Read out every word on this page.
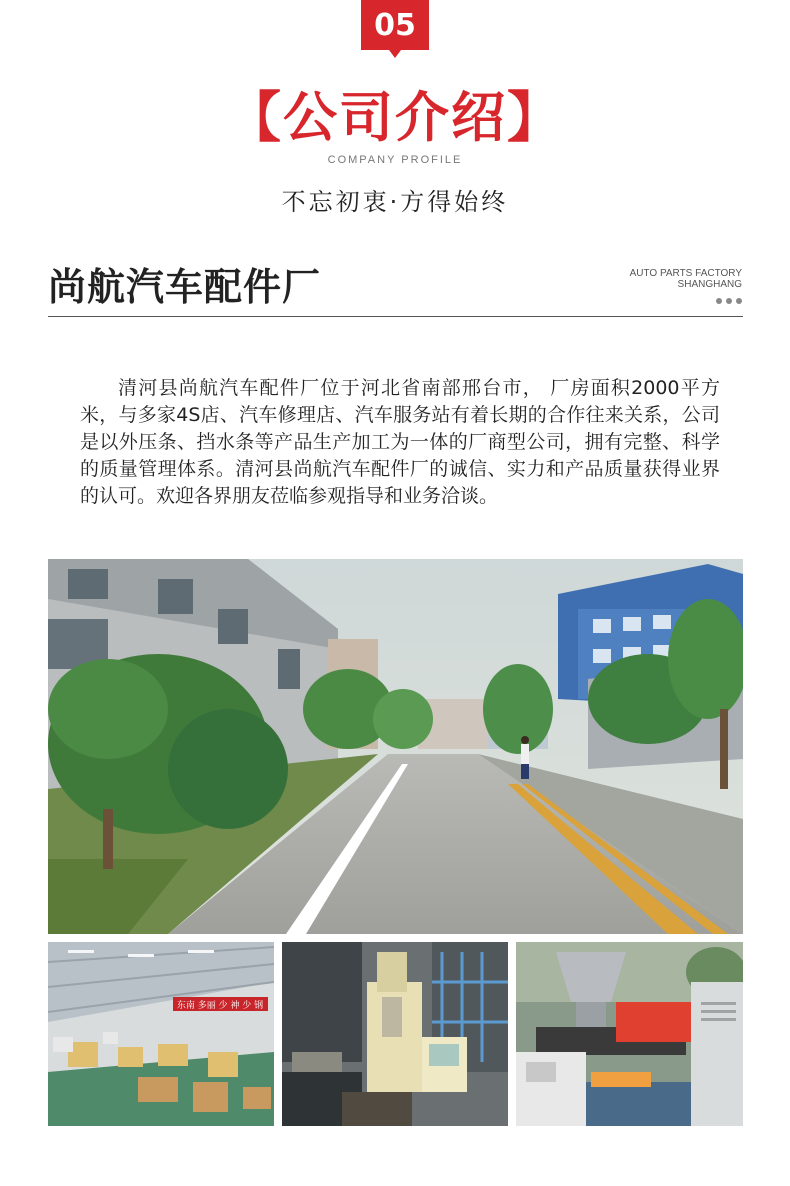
05
【公司介绍】
COMPANY PROFILE
不忘初衷·方得始终
尚航汽车配件厂	AUTO PARTS FACTORY
SHANGHANG

清河县尚航汽车配件厂位于河北省南部邢台市， 厂房面积2000平方米，与多家4S店、汽车修理店、汽车服务站有着长期的合作往来关系，公司是以外压条、挡水条等产品生产加工为一体的厂商型公司，拥有完整、科学的质量管理体系。清河县尚航汽车配件厂的诚信、实力和产品质量获得业界的认可。欢迎各界朋友莅临参观指导和业务洽谈。

东南 多丽 少 神 少 钢
